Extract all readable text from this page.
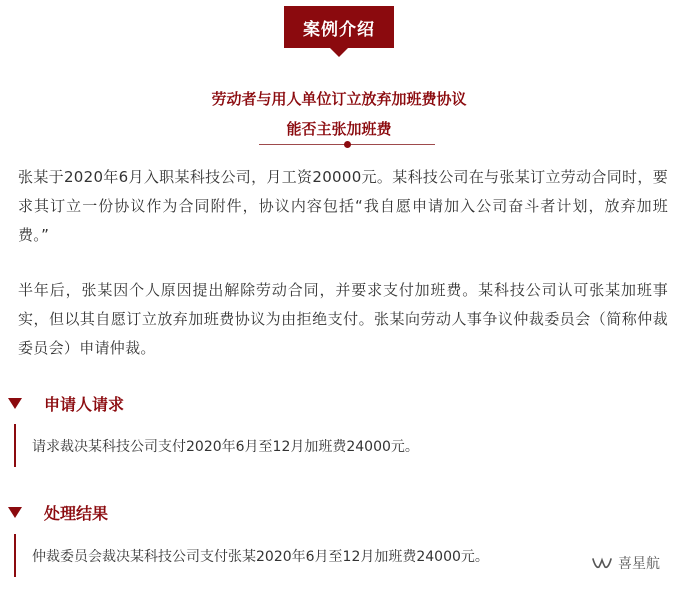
案例介绍
劳动者与用人单位订立放弃加班费协议
能否主张加班费

张某于2020年6月入职某科技公司，月工资20000元。某科技公司在与张某订立劳动合同时，要求其订立一份协议作为合同附件，协议内容包括“我自愿申请加入公司奋斗者计划，放弃加班费。”

半年后，张某因个人原因提出解除劳动合同，并要求支付加班费。某科技公司认可张某加班事实，但以其自愿订立放弃加班费协议为由拒绝支付。张某向劳动人事争议仲裁委员会（简称仲裁委员会）申请仲裁。

申请人请求
请求裁决某科技公司支付2020年6月至12月加班费24000元。
处理结果
仲裁委员会裁决某科技公司支付张某2020年6月至12月加班费24000元。	喜星航
